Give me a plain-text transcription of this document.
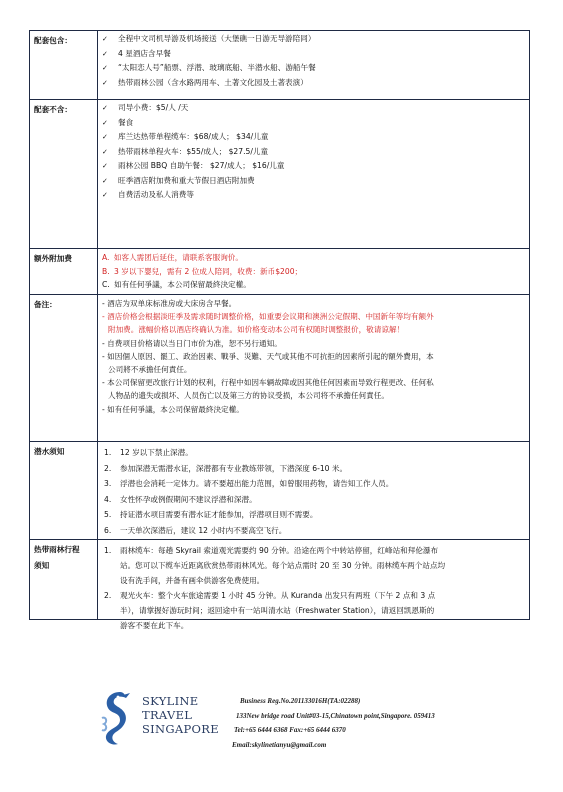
配套包含：	✓ 全程中文司机导游及机场接送（大堡礁一日游无导游陪同）
✓ 4 星酒店含早餐
✓ “太阳恋人号”船票、浮潜、玻璃底船、半潜水船、游船午餐
✓ 热带雨林公园（含水路两用车、土著文化园及土著表演）
配套不含：	✓ 司导小费：$5/人 /天
✓ 餐食
✓ 库兰达热带单程缆车：$68/成人； $34/儿童
✓ 热带雨林单程火车：$55/成人； $27.5/儿童
✓ 雨林公园 BBQ 自助午餐： $27/成人； $16/儿童
✓ 旺季酒店附加费和重大节假日酒店附加费
✓ 自费活动及私人消费等
额外附加费	A. 如客人需团后延住，请联系客服询价。
B. 3 岁以下婴兒，需有 2 位成人陪同，收费：新币$200；
C. 如有任何爭議，本公司保留最終決定權。
备注：	- 酒店为双单床标准房或大床房含早餐。
- 酒店价格会根据淡旺季及需求随时调整价格，如重要会议期和澳洲公定假期、中国新年等均有额外
附加费。涨幅价格以酒店终确认为准。如价格变动本公司有权随时调整报价，敬请谅解！
- 自费项目价格请以当日门市价为准，恕不另行通知。
- 如因個人原因、罷工、政治因素、戰爭、災難、天气或其他不可抗拒的因素所引起的額外費用，本
公司將不承擔任何責任。
- 本公司保留更改旅行计划的权利，行程中如因车辆故障或因其他任何因素而导致行程更改、任何私
人物品的遗失或损坏、人员伤亡以及第三方的协议受损，本公司将不承擔任何責任。
- 如有任何爭議，本公司保留最終決定權。
潜水须知	1. 12 岁以下禁止深潜。
2. 参加深潜无需潜水证，深潜都有专业教练带领，下潜深度 6-10 米。
3. 浮潜也会消耗一定体力。请不要超出能力范围，如曾服用药物，请告知工作人员。
4. 女性怀孕或例假期间不建议浮潜和深潜。
5. 持证潜水项目需要有潜水证才能参加，浮潜项目则不需要。
6. 一天单次深潜后，建议 12 小时内不要高空飞行。
热带雨林行程
须知
1. 雨林缆车：每趟 Skyrail 索道观光需要约 90 分钟。沿途在两个中转站停留，红峰站和拜伦瀑布
站。您可以下缆车近距离欣赏热带雨林风光。每个站点需时 20 至 30 分钟。雨林缆车两个站点均
设有洗手间，并备有画伞供游客免费使用。
2. 观光火车：整个火车旅途需要 1 小时 45 分钟。从 Kuranda 出发只有两班（下午 2 点和 3 点
半），请掌握好游玩时间；返回途中有一站叫清水站（Freshwater Station），请返回凯恩斯的
游客不要在此下车。
SKYLINE
TRAVEL
SINGAPORE
Business Reg.No.201133016H(TA:02288)
133New bridge road Unit#03-15,Chinatown point,Singapore. 059413
Tel:+65 6444 6368 Fax:+65 6444 6370
Email:skylinetianyu@gmail.com
